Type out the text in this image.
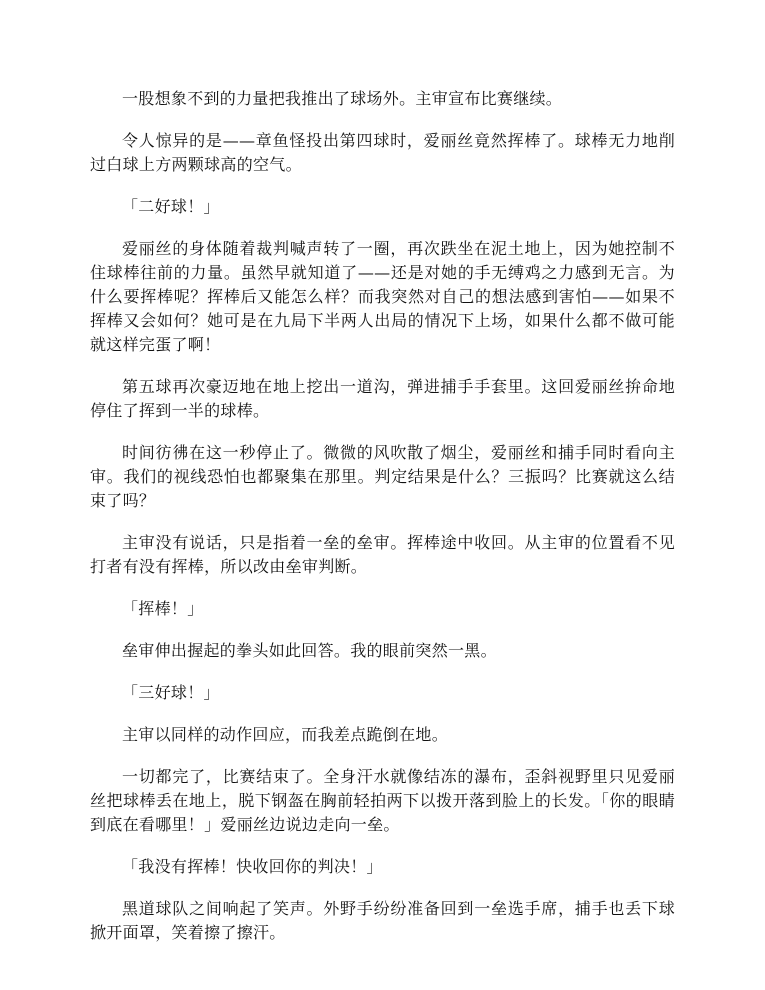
一股想象不到的力量把我推出了球场外。主审宣布比赛继续。

令人惊异的是——章鱼怪投出第四球时，爱丽丝竟然挥棒了。球棒无力地削过白球上方两颗球高的空气。

「二好球！」

爱丽丝的身体随着裁判喊声转了一圈，再次跌坐在泥土地上，因为她控制不住球棒往前的力量。虽然早就知道了——还是对她的手无缚鸡之力感到无言。为什么要挥棒呢？挥棒后又能怎么样？而我突然对自己的想法感到害怕——如果不挥棒又会如何？她可是在九局下半两人出局的情况下上场，如果什么都不做可能就这样完蛋了啊！

第五球再次豪迈地在地上挖出一道沟，弹进捕手手套里。这回爱丽丝拚命地停住了挥到一半的球棒。

时间彷彿在这一秒停止了。微微的风吹散了烟尘，爱丽丝和捕手同时看向主审。我们的视线恐怕也都聚集在那里。判定结果是什么？三振吗？比赛就这么结束了吗？

主审没有说话，只是指着一垒的垒审。挥棒途中收回。从主审的位置看不见打者有没有挥棒，所以改由垒审判断。

「挥棒！」

垒审伸出握起的拳头如此回答。我的眼前突然一黑。

「三好球！」

主审以同样的动作回应，而我差点跪倒在地。

一切都完了，比赛结束了。全身汗水就像结冻的瀑布，歪斜视野里只见爱丽丝把球棒丢在地上，脱下钢盔在胸前轻拍两下以拨开落到脸上的长发。「你的眼睛到底在看哪里！」爱丽丝边说边走向一垒。

「我没有挥棒！快收回你的判决！」

黑道球队之间响起了笑声。外野手纷纷准备回到一垒选手席，捕手也丢下球掀开面罩，笑着擦了擦汗。
